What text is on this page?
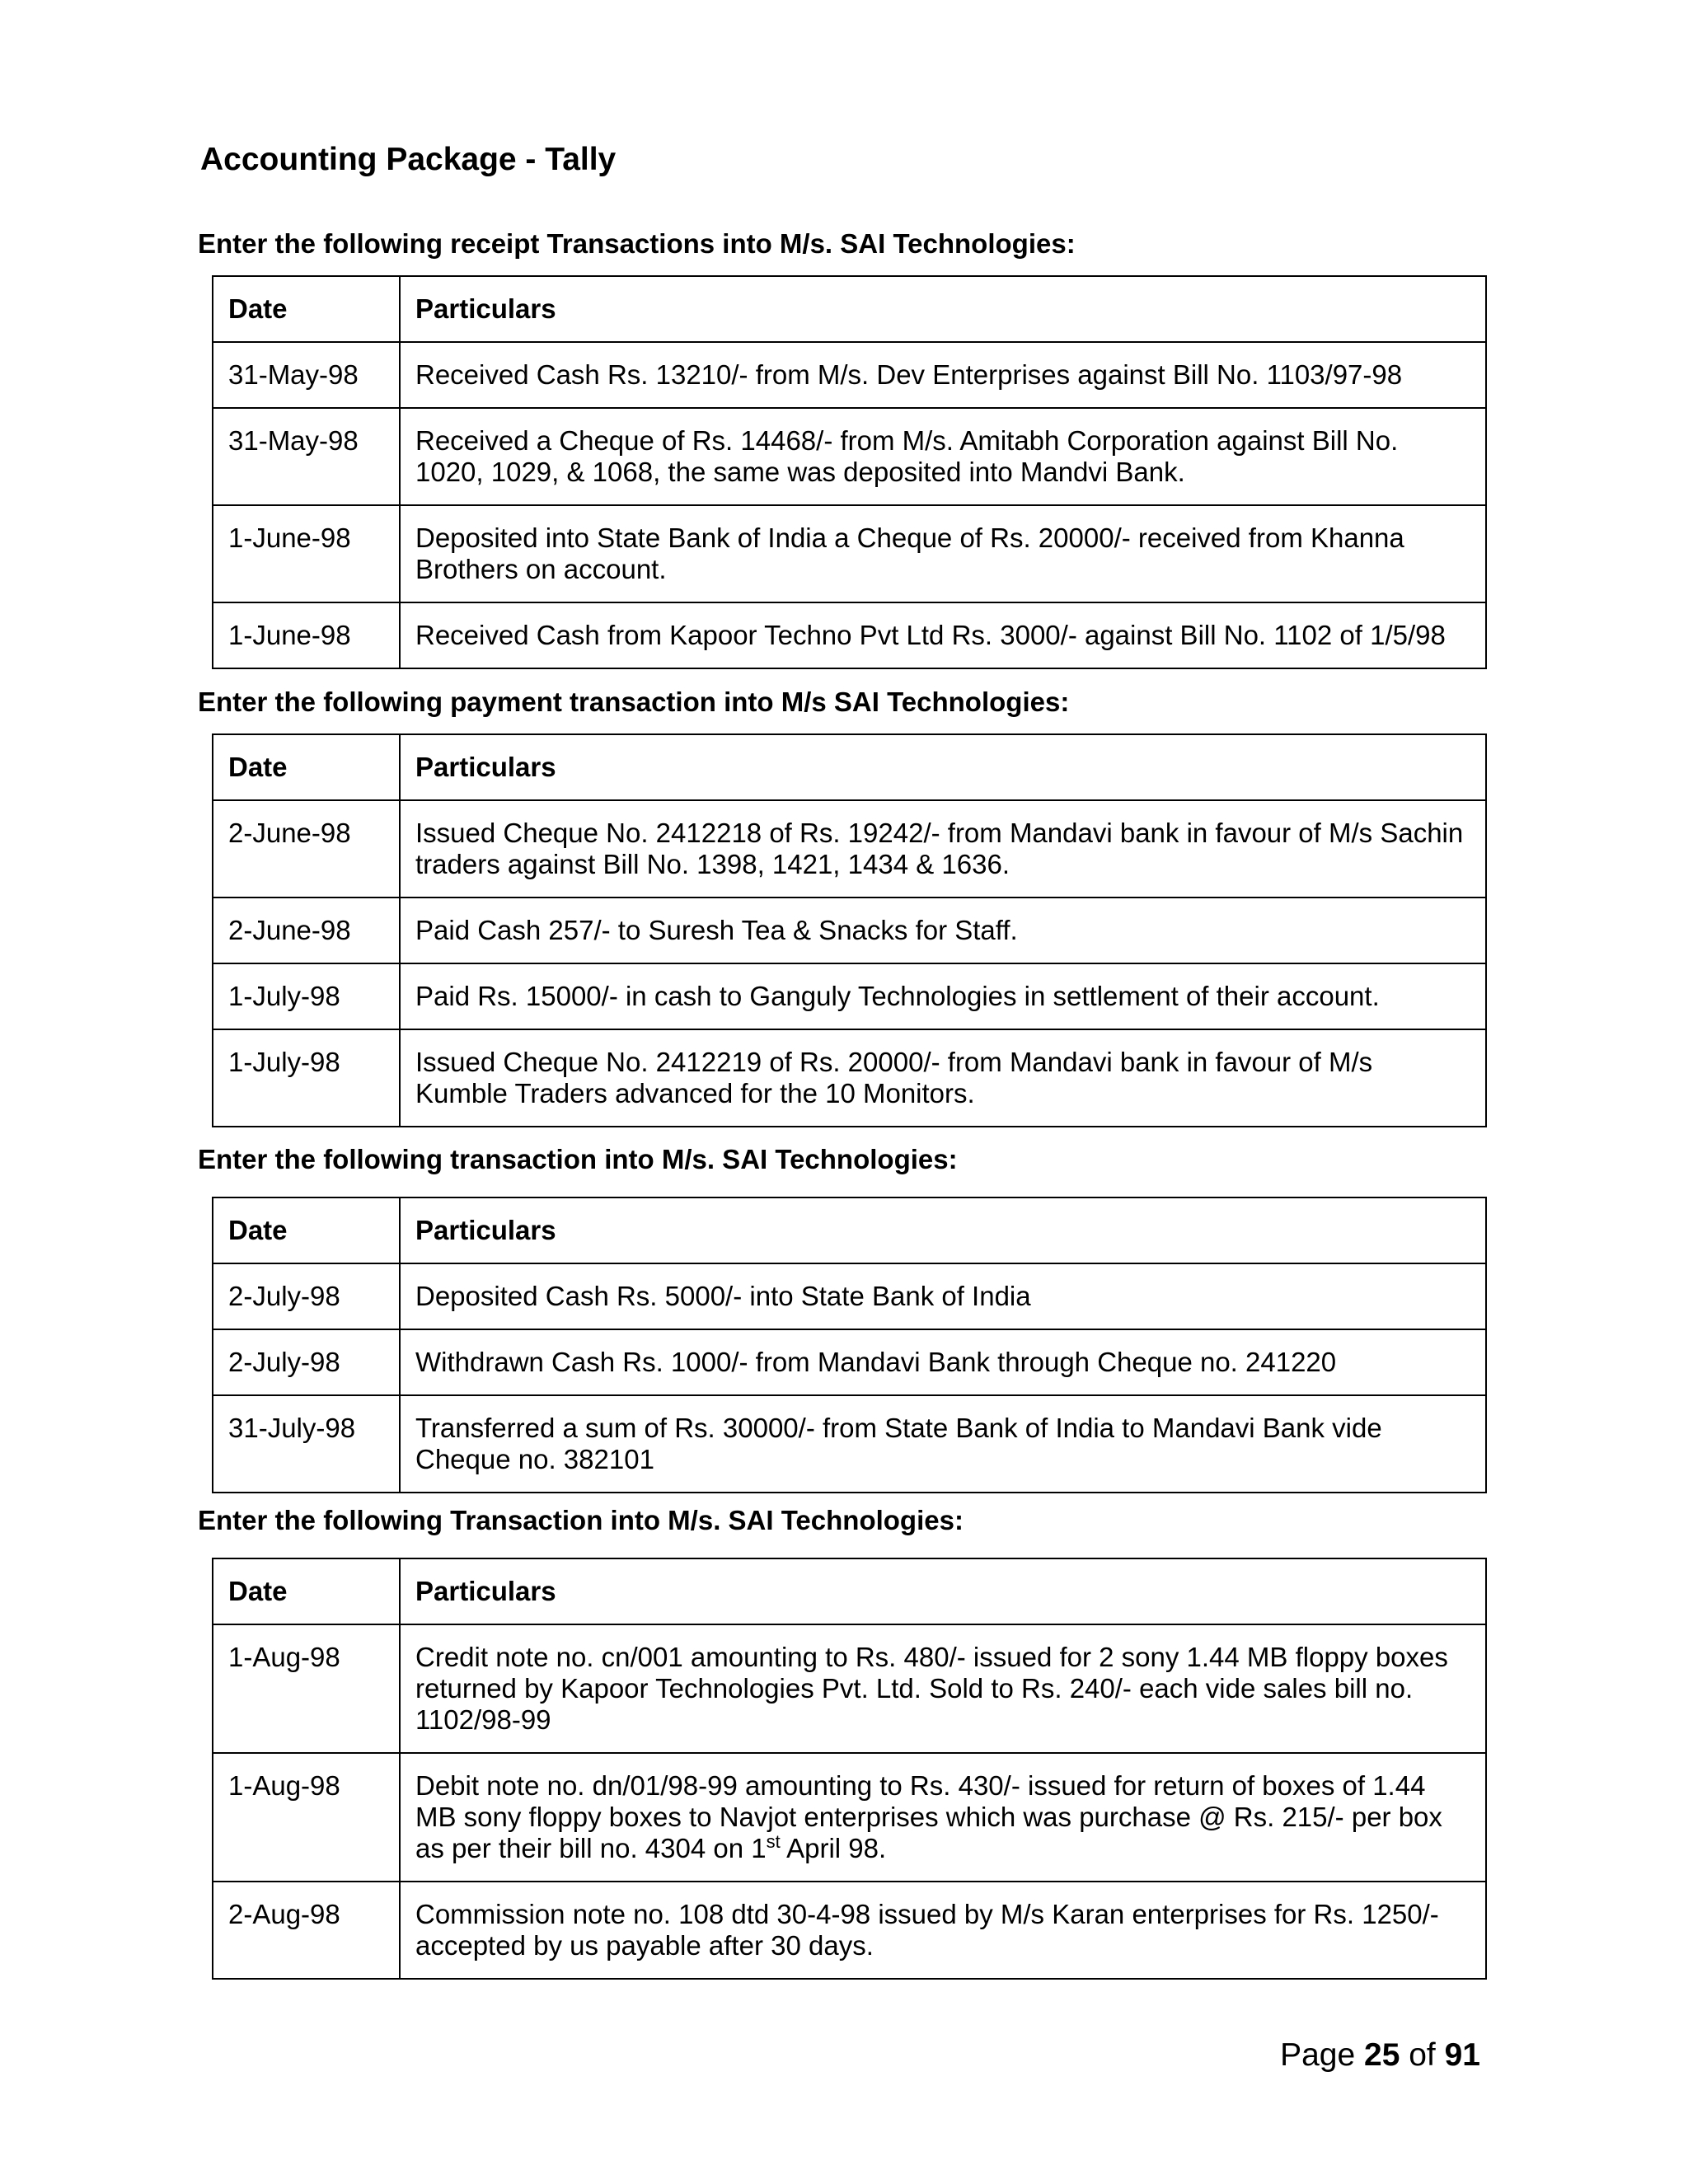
Accounting Package - Tally
Enter the following receipt Transactions into M/s. SAI Technologies:
Date	Particulars
31-May-98	Received Cash Rs. 13210/- from M/s. Dev Enterprises against Bill No. 1103/97-98
31-May-98	Received a Cheque of Rs. 14468/- from M/s. Amitabh Corporation against Bill No. 1020, 1029, & 1068, the same was deposited into Mandvi Bank.
1-June-98	Deposited into State Bank of India a Cheque of Rs. 20000/- received from Khanna Brothers on account.
1-June-98	Received Cash from Kapoor Techno Pvt Ltd Rs. 3000/- against Bill No. 1102 of 1/5/98
Enter the following payment transaction into M/s SAI Technologies:
Date	Particulars
2-June-98	Issued Cheque No. 2412218 of Rs. 19242/- from Mandavi bank in favour of M/s Sachin traders against Bill No. 1398, 1421, 1434 & 1636.
2-June-98	Paid Cash 257/- to Suresh Tea & Snacks for Staff.
1-July-98	Paid Rs. 15000/- in cash to Ganguly Technologies in settlement of their account.
1-July-98	Issued Cheque No. 2412219 of Rs. 20000/- from Mandavi bank in favour of M/s Kumble Traders advanced for the 10 Monitors.
Enter the following transaction into M/s. SAI Technologies:
Date	Particulars
2-July-98	Deposited Cash Rs. 5000/- into State Bank of India
2-July-98	Withdrawn Cash Rs. 1000/- from Mandavi Bank through Cheque no. 241220
31-July-98	Transferred a sum of Rs. 30000/- from State Bank of India to Mandavi Bank vide Cheque no. 382101
Enter the following Transaction into M/s. SAI Technologies:
Date	Particulars
1-Aug-98	Credit note no. cn/001 amounting to Rs. 480/- issued for 2 sony 1.44 MB floppy boxes returned by Kapoor Technologies Pvt. Ltd. Sold to Rs. 240/- each vide sales bill no. 1102/98-99
1-Aug-98	Debit note no. dn/01/98-99 amounting to Rs. 430/- issued for return of boxes of 1.44 MB sony floppy boxes to Navjot enterprises which was purchase @ Rs. 215/- per box as per their bill no. 4304 on 1st April 98.
2-Aug-98	Commission note no. 108 dtd 30-4-98 issued by M/s Karan enterprises for Rs. 1250/- accepted by us payable after 30 days.
Page 25 of 91
